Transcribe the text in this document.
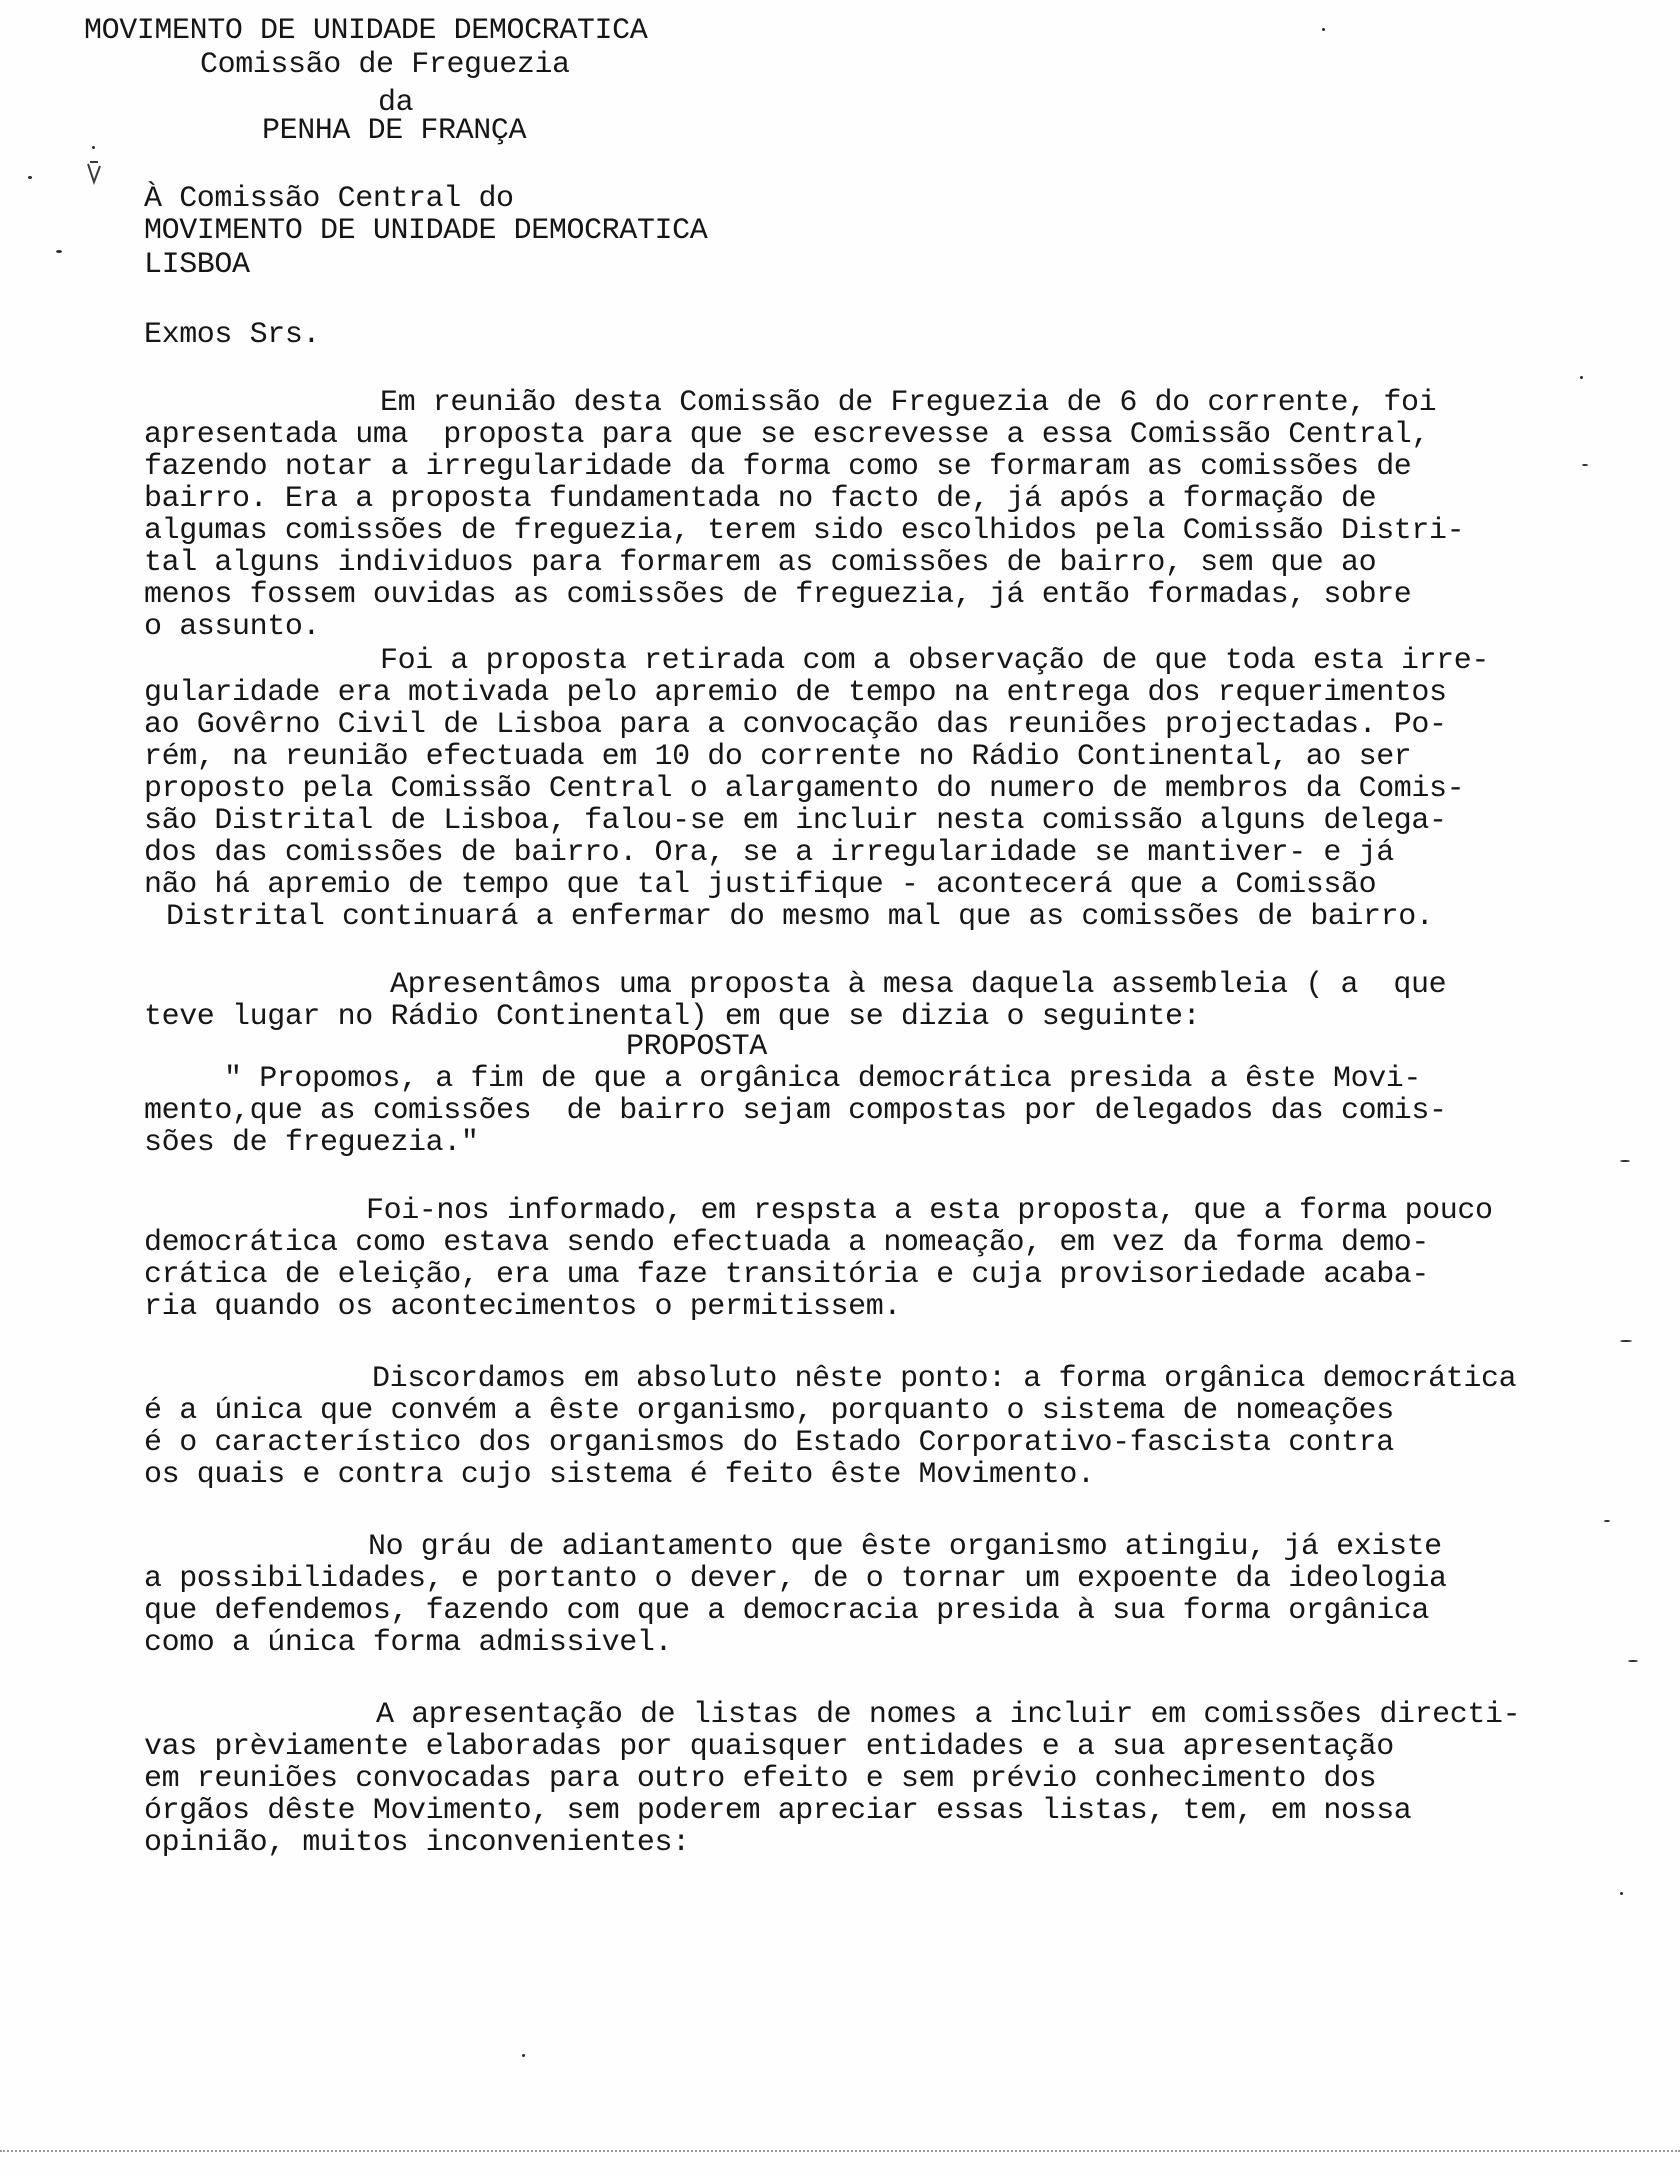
MOVIMENTO DE UNIDADE DEMOCRATICA
Comissão de Freguezia
da
PENHA DE FRANÇA
À Comissão Central do
MOVIMENTO DE UNIDADE DEMOCRATICA
LISBOA
Exmos Srs.
Em reunião desta Comissão de Freguezia de 6 do corrente, foi
apresentada uma  proposta para que se escrevesse a essa Comissão Central,
fazendo notar a irregularidade da forma como se formaram as comissões de
bairro. Era a proposta fundamentada no facto de, já após a formação de
algumas comissões de freguezia, terem sido escolhidos pela Comissão Distri-
tal alguns individuos para formarem as comissões de bairro, sem que ao
menos fossem ouvidas as comissões de freguezia, já então formadas, sobre
o assunto.
Foi a proposta retirada com a observação de que toda esta irre-
gularidade era motivada pelo apremio de tempo na entrega dos requerimentos
ao Govêrno Civil de Lisboa para a convocação das reuniões projectadas. Po-
rém, na reunião efectuada em 10 do corrente no Rádio Continental, ao ser
proposto pela Comissão Central o alargamento do numero de membros da Comis-
são Distrital de Lisboa, falou-se em incluir nesta comissão alguns delega-
dos das comissões de bairro. Ora, se a irregularidade se mantiver- e já
não há apremio de tempo que tal justifique - acontecerá que a Comissão
Distrital continuará a enfermar do mesmo mal que as comissões de bairro.
Apresentâmos uma proposta à mesa daquela assembleia ( a  que
teve lugar no Rádio Continental) em que se dizia o seguinte:
PROPOSTA
" Propomos, a fim de que a orgânica democrática presida a êste Movi-
mento,que as comissões  de bairro sejam compostas por delegados das comis-
sões de freguezia."
Foi-nos informado, em respsta a esta proposta, que a forma pouco
democrática como estava sendo efectuada a nomeação, em vez da forma demo-
crática de eleição, era uma faze transitória e cuja provisoriedade acaba-
ria quando os acontecimentos o permitissem.
Discordamos em absoluto nêste ponto: a forma orgânica democrática
é a única que convém a êste organismo, porquanto o sistema de nomeações
é o característico dos organismos do Estado Corporativo-fascista contra
os quais e contra cujo sistema é feito êste Movimento.
No gráu de adiantamento que êste organismo atingiu, já existe
a possibilidades, e portanto o dever, de o tornar um expoente da ideologia
que defendemos, fazendo com que a democracia presida à sua forma orgânica
como a única forma admissivel.
A apresentação de listas de nomes a incluir em comissões directi-
vas prèviamente elaboradas por quaisquer entidades e a sua apresentação
em reuniões convocadas para outro efeito e sem prévio conhecimento dos
órgãos dêste Movimento, sem poderem apreciar essas listas, tem, em nossa
opinião, muitos inconvenientes:
